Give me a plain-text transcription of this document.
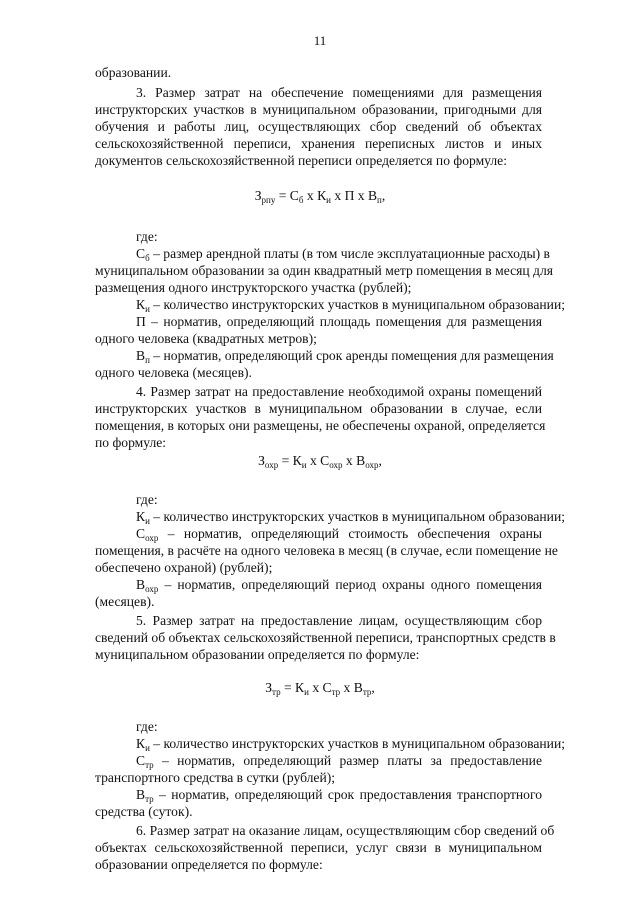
11
образовании.
3. Размер затрат на обеспечение помещениями для размещения
инструкторских участков в муниципальном образовании, пригодными для
обучения и работы лиц, осуществляющих сбор сведений об объектах
сельскохозяйственной переписи, хранения переписных листов и иных
документов сельскохозяйственной переписи определяется по формуле:
$З_{рпу} = С_б$ х $К_и$ х П х $В_п$,
где:
$С_б$ – размер арендной платы (в том числе эксплуатационные расходы) в
муниципальном образовании за один квадратный метр помещения в месяц для
размещения одного инструкторского участка (рублей);
$К_и$ – количество инструкторских участков в муниципальном образовании;
П – норматив, определяющий площадь помещения для размещения
одного человека (квадратных метров);
$В_п$ – норматив, определяющий срок аренды помещения для размещения
одного человека (месяцев).
4. Размер затрат на предоставление необходимой охраны помещений
инструкторских участков в муниципальном образовании в случае, если
помещения, в которых они размещены, не обеспечены охраной, определяется
по формуле:
$З_{охр} = К_и$ х $С_{охр}$ х $В_{охр}$,
где:
$К_и$ – количество инструкторских участков в муниципальном образовании;
$С_{охр}$ – норматив, определяющий стоимость обеспечения охраны
помещения, в расчёте на одного человека в месяц (в случае, если помещение не
обеспечено охраной) (рублей);
$В_{охр}$ – норматив, определяющий период охраны одного помещения
(месяцев).
5. Размер затрат на предоставление лицам, осуществляющим сбор
сведений об объектах сельскохозяйственной переписи, транспортных средств в
муниципальном образовании определяется по формуле:
$З_{тр} = К_и$ х $С_{тр}$ х $В_{тр}$,
где:
$К_и$ – количество инструкторских участков в муниципальном образовании;
$С_{тр}$ – норматив, определяющий размер платы за предоставление
транспортного средства в сутки (рублей);
$В_{тр}$ – норматив, определяющий срок предоставления транспортного
средства (суток).
6. Размер затрат на оказание лицам, осуществляющим сбор сведений об
объектах сельскохозяйственной переписи, услуг связи в муниципальном
образовании определяется по формуле:
